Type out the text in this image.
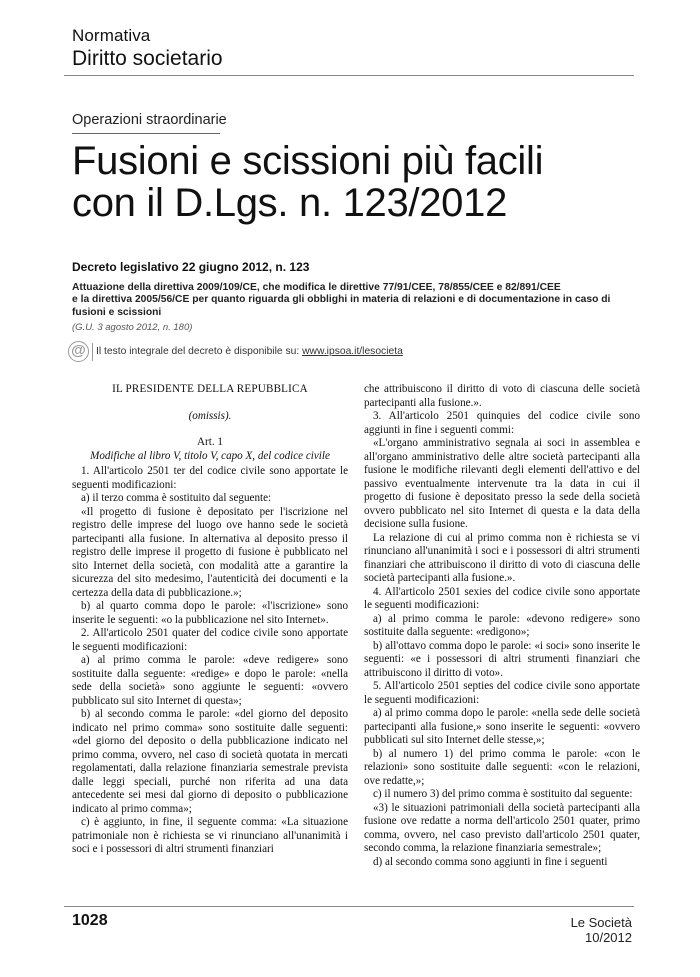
Normativa
Diritto societario
Operazioni straordinarie
Fusioni e scissioni più facili
con il D.Lgs. n. 123/2012
Decreto legislativo 22 giugno 2012, n. 123
Attuazione della direttiva 2009/109/CE, che modifica le direttive 77/91/CEE, 78/855/CEE e 82/891/CEE
e la direttiva 2005/56/CE per quanto riguarda gli obblighi in materia di relazioni e di documentazione in caso di
fusioni e scissioni
(G.U. 3 agosto 2012, n. 180)
@ Il testo integrale del decreto è disponibile su: www.ipsoa.it/lesocieta

IL PRESIDENTE DELLA REPUBBLICA

(omissis).

Art. 1

Modifiche al libro V, titolo V, capo X, del codice civile

1. All'articolo 2501 ter del codice civile sono apportate le seguenti modificazioni:

a) il terzo comma è sostituito dal seguente:

«Il progetto di fusione è depositato per l'iscrizione nel registro delle imprese del luogo ove hanno sede le società partecipanti alla fusione. In alternativa al deposito presso il registro delle imprese il progetto di fusione è pubblicato nel sito Internet della società, con modalità atte a garantire la sicurezza del sito medesimo, l'autenticità dei documenti e la certezza della data di pubblicazione.»;

b) al quarto comma dopo le parole: «l'iscrizione» sono inserite le seguenti: «o la pubblicazione nel sito Internet».

2. All'articolo 2501 quater del codice civile sono apportate le seguenti modificazioni:

a) al primo comma le parole: «deve redigere» sono sostituite dalla seguente: «redige» e dopo le parole: «nella sede della società» sono aggiunte le seguenti: «ovvero pubblicato sul sito Internet di questa»;

b) al secondo comma le parole: «del giorno del deposito indicato nel primo comma» sono sostituite dalle seguenti: «del giorno del deposito o della pubblicazione indicato nel primo comma, ovvero, nel caso di società quotata in mercati regolamentati, dalla relazione finanziaria semestrale prevista dalle leggi speciali, purché non riferita ad una data antecedente sei mesi dal giorno di deposito o pubblicazione indicato al primo comma»;

c) è aggiunto, in fine, il seguente comma: «La situazione patrimoniale non è richiesta se vi rinunciano all'unanimità i soci e i possessori di altri strumenti finanziari

che attribuiscono il diritto di voto di ciascuna delle società partecipanti alla fusione.».

3. All'articolo 2501 quinquies del codice civile sono aggiunti in fine i seguenti commi:

«L'organo amministrativo segnala ai soci in assemblea e all'organo amministrativo delle altre società partecipanti alla fusione le modifiche rilevanti degli elementi dell'attivo e del passivo eventualmente intervenute tra la data in cui il progetto di fusione è depositato presso la sede della società ovvero pubblicato nel sito Internet di questa e la data della decisione sulla fusione.

La relazione di cui al primo comma non è richiesta se vi rinunciano all'unanimità i soci e i possessori di altri strumenti finanziari che attribuiscono il diritto di voto di ciascuna delle società partecipanti alla fusione.».

4. All'articolo 2501 sexies del codice civile sono apportate le seguenti modificazioni:

a) al primo comma le parole: «devono redigere» sono sostituite dalla seguente: «redigono»;

b) all'ottavo comma dopo le parole: «i soci» sono inserite le seguenti: «e i possessori di altri strumenti finanziari che attribuiscono il diritto di voto».

5. All'articolo 2501 septies del codice civile sono apportate le seguenti modificazioni:

a) al primo comma dopo le parole: «nella sede delle società partecipanti alla fusione,» sono inserite le seguenti: «ovvero pubblicati sul sito Internet delle stesse,»;

b) al numero 1) del primo comma le parole: «con le relazioni» sono sostituite dalle seguenti: «con le relazioni, ove redatte,»;

c) il numero 3) del primo comma è sostituito dal seguente:

«3) le situazioni patrimoniali della società partecipanti alla fusione ove redatte a norma dell'articolo 2501 quater, primo comma, ovvero, nel caso previsto dall'articolo 2501 quater, secondo comma, la relazione finanziaria semestrale»;

d) al secondo comma sono aggiunti in fine i seguenti

1028	Le Società 10/2012
